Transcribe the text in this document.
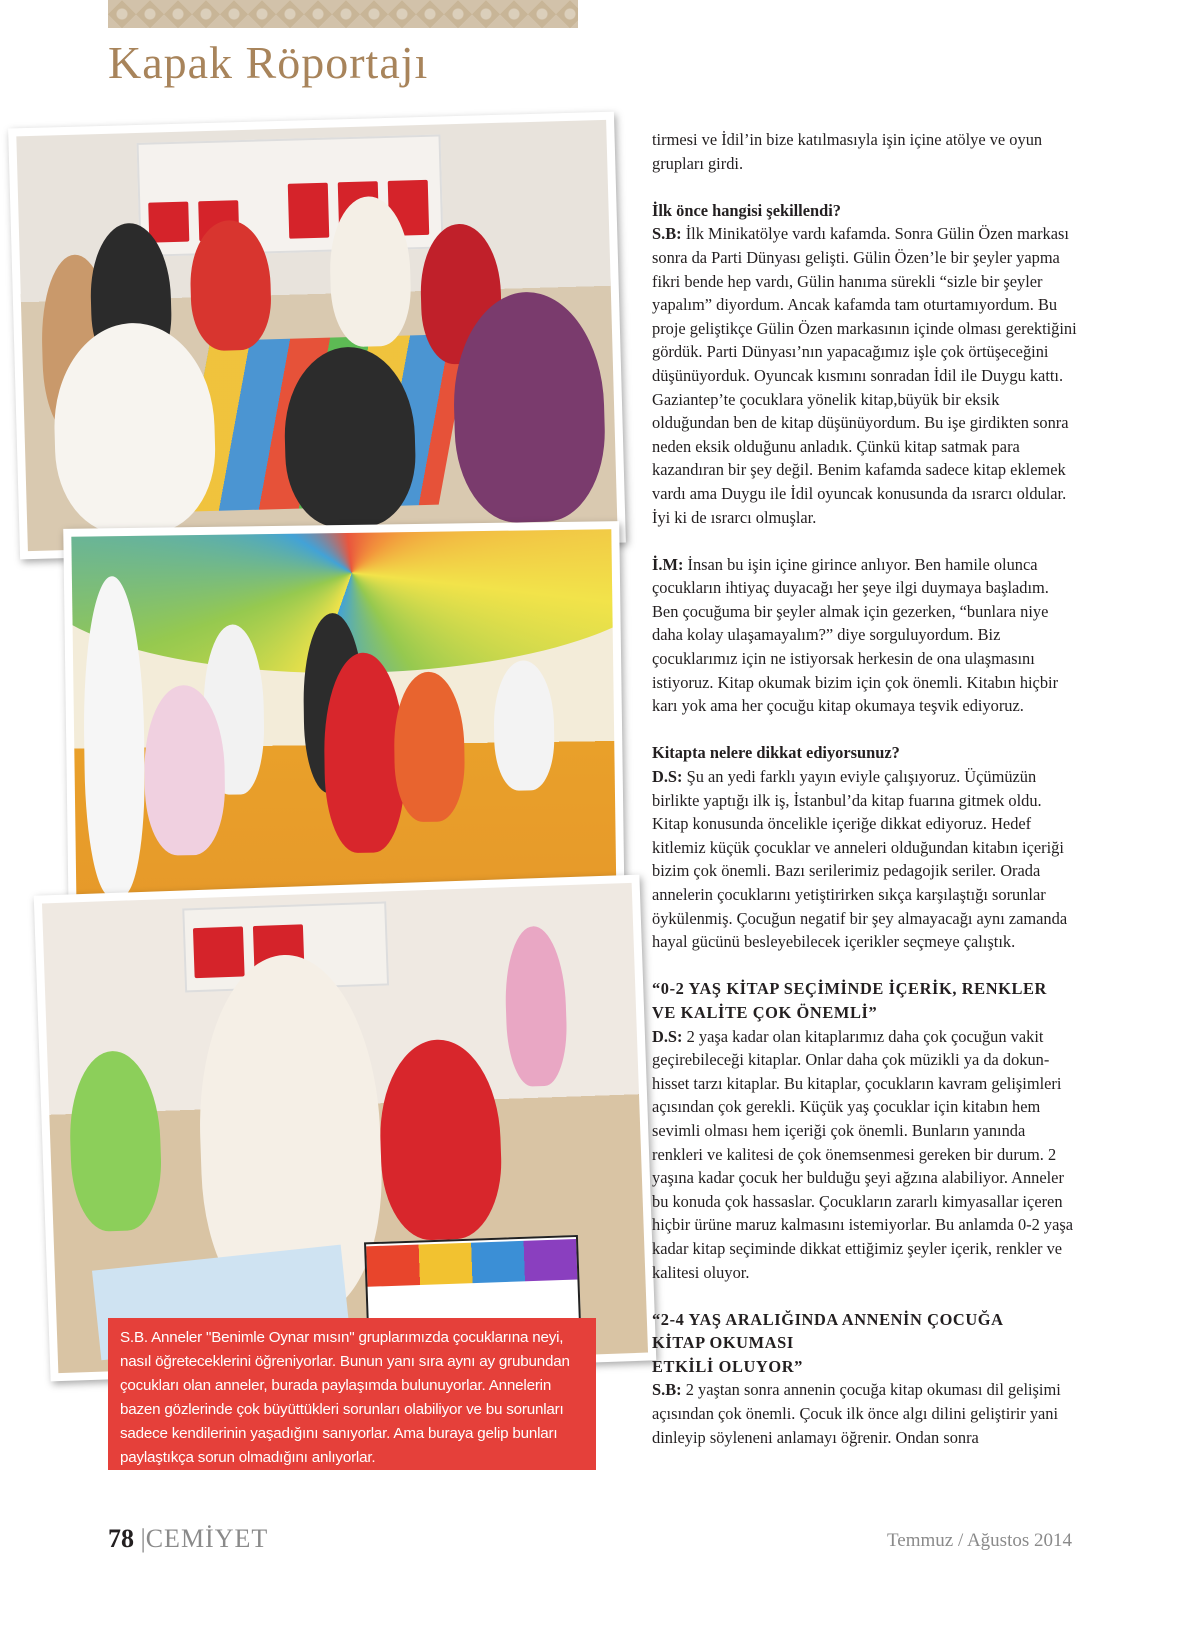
Kapak Röportajı
S.B. Anneler "Benimle Oynar mısın" gruplarımızda çocuklarına neyi, nasıl öğreteceklerini öğreniyorlar. Bunun yanı sıra aynı ay grubundan çocukları olan anneler, burada paylaşımda bulunuyorlar. Annelerin bazen gözlerinde çok büyüttükleri sorunları olabiliyor ve bu sorunları sadece kendilerinin yaşadığını sanıyorlar. Ama buraya gelip bunları paylaştıkça sorun olmadığını anlıyorlar.

tirmesi ve İdil’in bize katılmasıyla işin içine atölye ve oyun grupları girdi.

İlk önce hangisi şekillendi?
S.B: İlk Minikatölye vardı kafamda. Sonra Gülin Özen markası sonra da Parti Dünyası gelişti. Gülin Özen’le bir şeyler yapma fikri bende hep vardı, Gülin hanıma sürekli “sizle bir şeyler yapalım” diyordum. Ancak kafamda tam oturtamıyordum. Bu proje geliştikçe Gülin Özen markasının içinde olması gerektiğini gördük. Parti Dünyası’nın yapacağımız işle çok örtüşeceğini düşünüyorduk. Oyuncak kısmını sonradan İdil ile Duygu kattı. Gaziantep’te çocuklara yönelik kitap,büyük bir eksik olduğundan ben de kitap düşünüyordum. Bu işe girdikten sonra neden eksik olduğunu anladık. Çünkü kitap satmak para kazandıran bir şey değil. Benim kafamda sadece kitap eklemek vardı ama Duygu ile İdil oyuncak konusunda da ısrarcı oldular. İyi ki de ısrarcı olmuşlar.

İ.M: İnsan bu işin içine girince anlıyor. Ben hamile olunca çocukların ihtiyaç duyacağı her şeye ilgi duymaya başladım. Ben çocuğuma bir şeyler almak için gezerken, “bunlara niye daha kolay ulaşamayalım?” diye sorguluyordum. Biz çocuklarımız için ne istiyorsak herkesin de ona ulaşmasını istiyoruz. Kitap okumak bizim için çok önemli. Kitabın hiçbir karı yok ama her çocuğu kitap okumaya teşvik ediyoruz.

Kitapta nelere dikkat ediyorsunuz?
D.S: Şu an yedi farklı yayın eviyle çalışıyoruz. Üçümüzün birlikte yaptığı ilk iş, İstanbul’da kitap fuarına gitmek oldu. Kitap konusunda öncelikle içeriğe dikkat ediyoruz. Hedef kitlemiz küçük çocuklar ve anneleri olduğundan kitabın içeriği bizim çok önemli. Bazı serilerimiz pedagojik seriler. Orada annelerin çocuklarını yetiştirirken sıkça karşılaştığı sorunlar öykülenmiş. Çocuğun negatif bir şey almayacağı aynı zamanda hayal gücünü besleyebilecek içerikler seçmeye çalıştık.

“0-2 YAŞ KİTAP SEÇİMİNDE İÇERİK, RENKLER
VE KALİTE ÇOK ÖNEMLİ”
D.S: 2 yaşa kadar olan kitaplarımız daha çok çocuğun vakit geçirebileceği kitaplar. Onlar daha çok müzikli ya da dokun-hisset tarzı kitaplar. Bu kitaplar, çocukların kavram gelişimleri açısından çok gerekli. Küçük yaş çocuklar için kitabın hem sevimli olması hem içeriği çok önemli. Bunların yanında renkleri ve kalitesi de çok önemsenmesi gereken bir durum. 2 yaşına kadar çocuk her bulduğu şeyi ağzına alabiliyor. Anneler bu konuda çok hassaslar. Çocukların zararlı kimyasallar içeren hiçbir ürüne maruz kalmasını istemiyorlar. Bu anlamda 0-2 yaşa kadar kitap seçiminde dikkat ettiğimiz şeyler içerik, renkler ve kalitesi oluyor.

“2-4 YAŞ ARALIĞINDA ANNENİN ÇOCUĞA
KİTAP OKUMASI
ETKİLİ OLUYOR”
S.B: 2 yaştan sonra annenin çocuğa kitap okuması dil gelişimi açısından çok önemli. Çocuk ilk önce algı dilini geliştirir yani dinleyip söyleneni anlamayı öğrenir. Ondan sonra

78 |CEMİYET	Temmuz / Ağustos 2014
